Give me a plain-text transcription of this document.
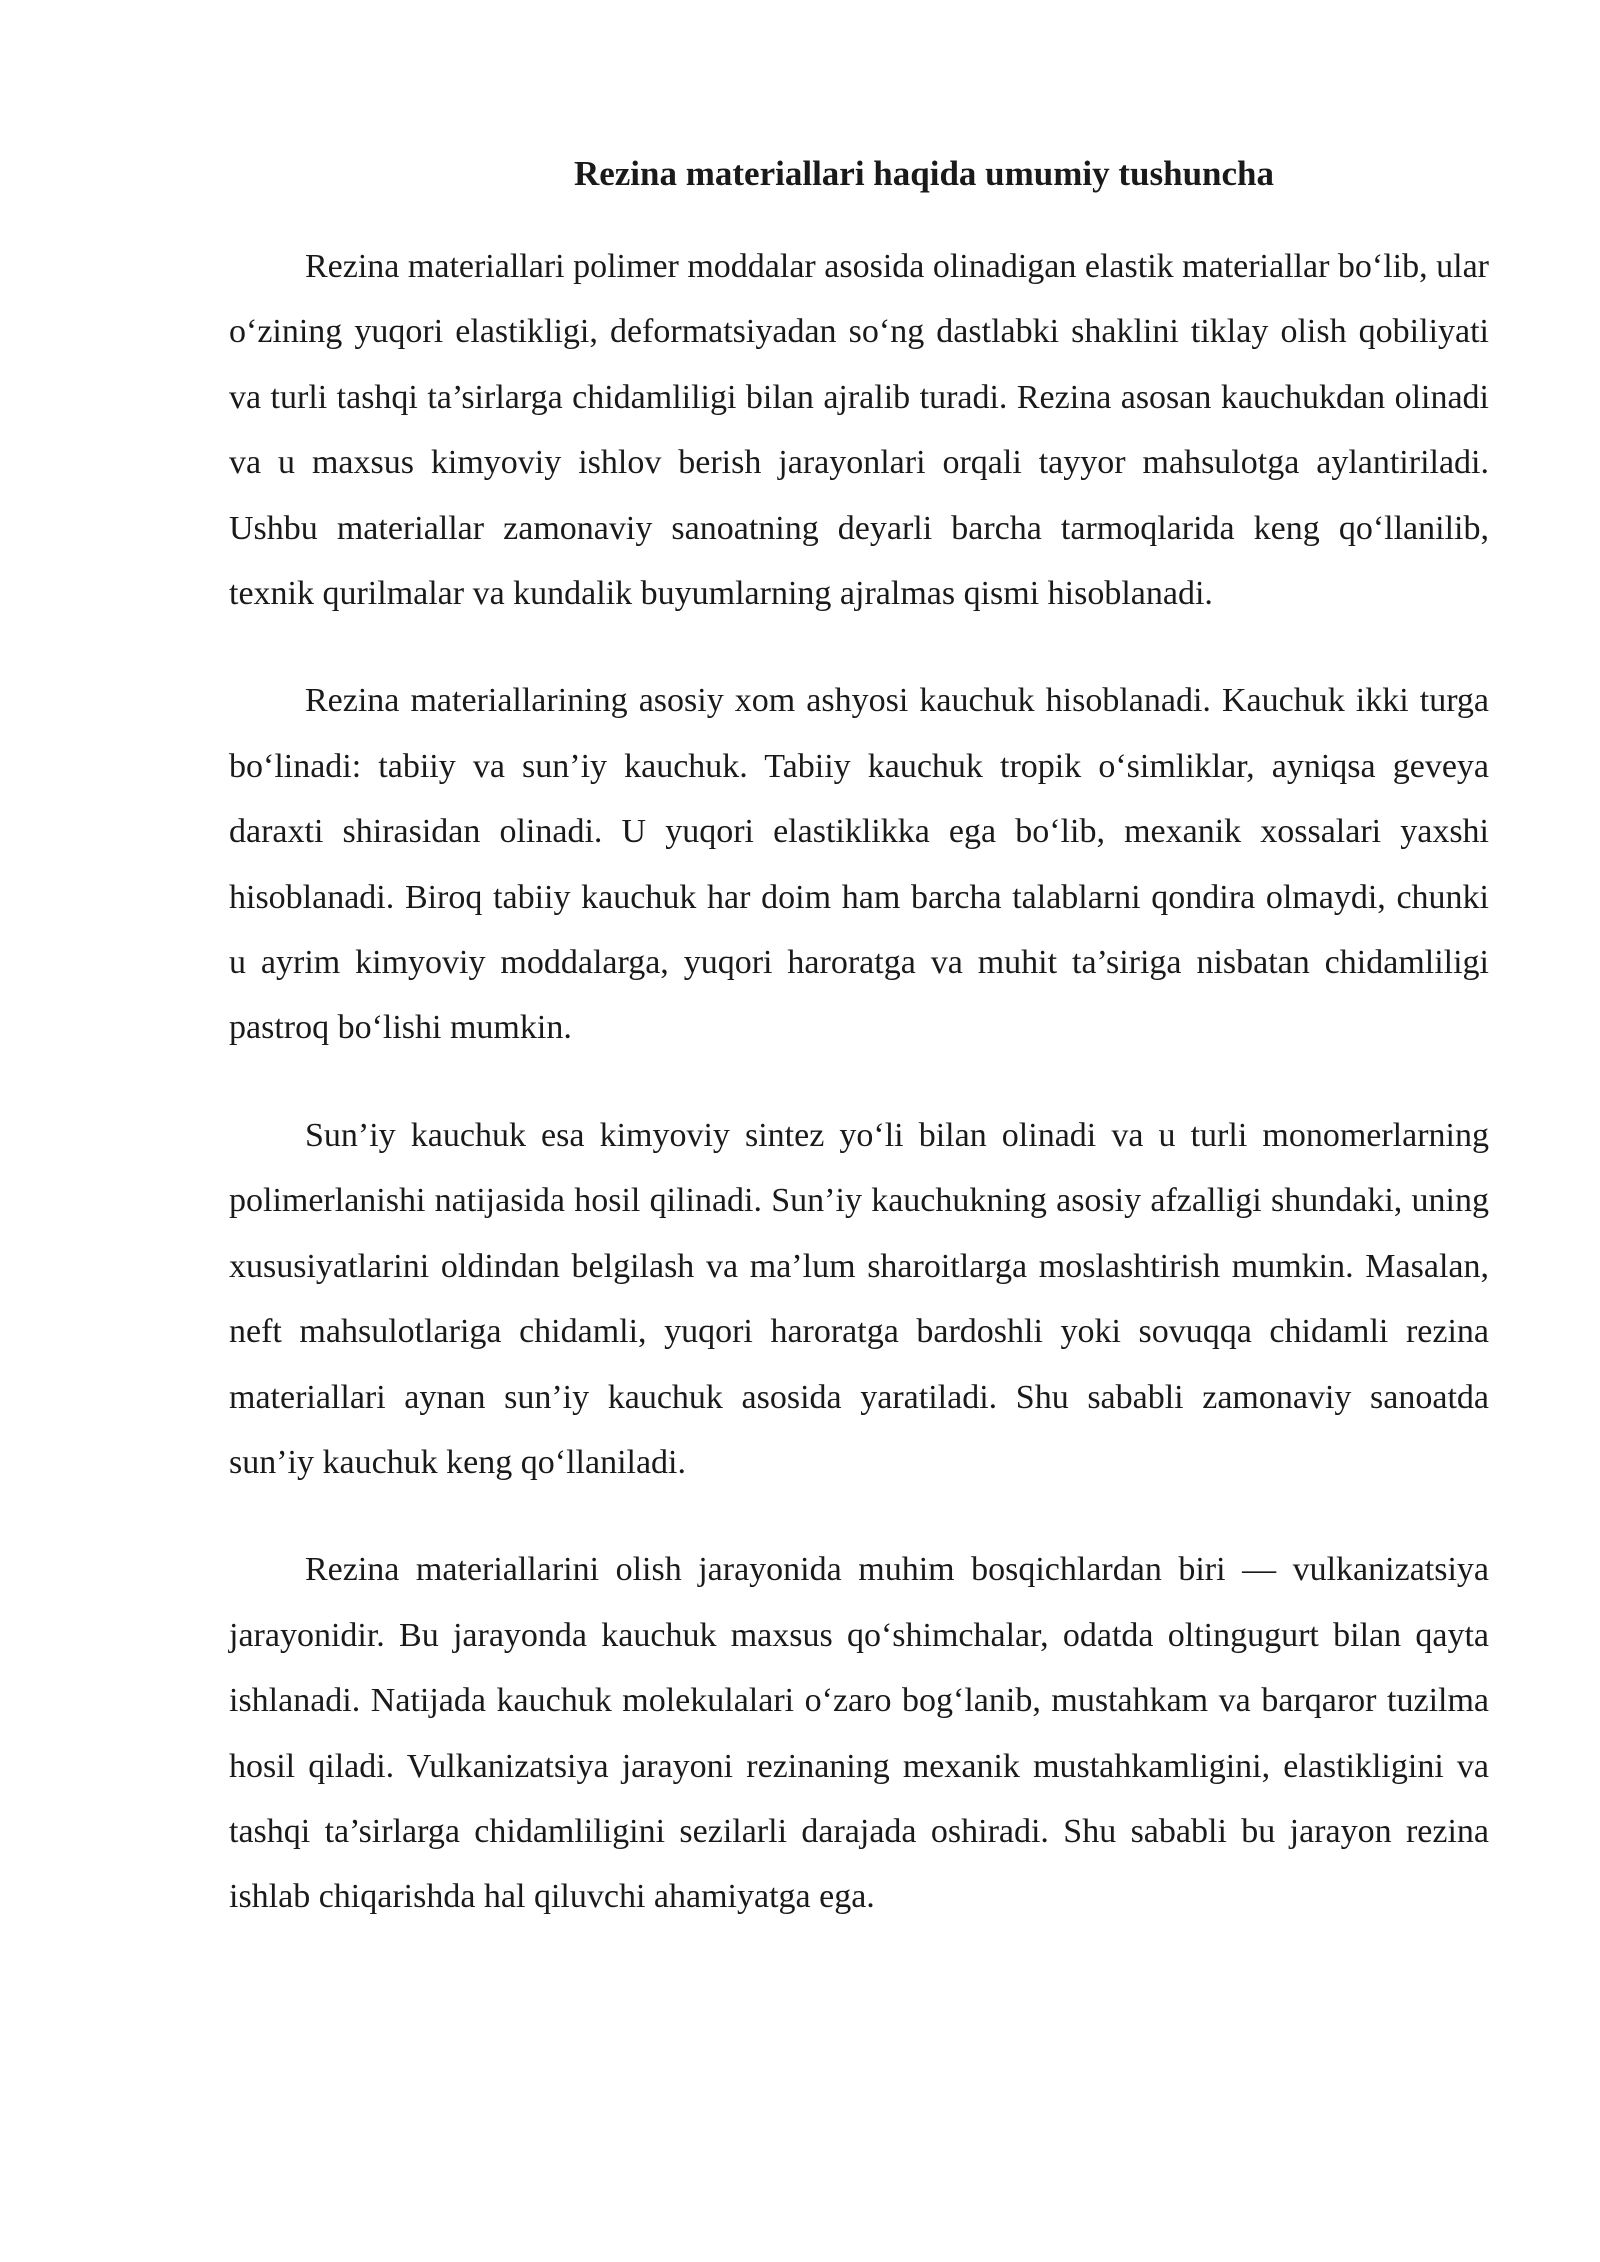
Rezina materiallari haqida umumiy tushuncha

Rezina materiallari polimer moddalar asosida olinadigan elastik materiallar bo‘lib, ular o‘zining yuqori elastikligi, deformatsiyadan so‘ng dastlabki shaklini tiklay olish qobiliyati va turli tashqi ta’sirlarga chidamliligi bilan ajralib turadi. Rezina asosan kauchukdan olinadi va u maxsus kimyoviy ishlov berish jarayonlari orqali tayyor mahsulotga aylantiriladi. Ushbu materiallar zamonaviy sanoatning deyarli barcha tarmoqlarida keng qo‘llanilib, texnik qurilmalar va kundalik buyumlarning ajralmas qismi hisoblanadi.

Rezina materiallarining asosiy xom ashyosi kauchuk hisoblanadi. Kauchuk ikki turga bo‘linadi: tabiiy va sun’iy kauchuk. Tabiiy kauchuk tropik o‘simliklar, ayniqsa geveya daraxti shirasidan olinadi. U yuqori elastiklikka ega bo‘lib, mexanik xossalari yaxshi hisoblanadi. Biroq tabiiy kauchuk har doim ham barcha talablarni qondira olmaydi, chunki u ayrim kimyoviy moddalarga, yuqori haroratga va muhit ta’siriga nisbatan chidamliligi pastroq bo‘lishi mumkin.

Sun’iy kauchuk esa kimyoviy sintez yo‘li bilan olinadi va u turli monomerlarning polimerlanishi natijasida hosil qilinadi. Sun’iy kauchukning asosiy afzalligi shundaki, uning xususiyatlarini oldindan belgilash va ma’lum sharoitlarga moslashtirish mumkin. Masalan, neft mahsulotlariga chidamli, yuqori haroratga bardoshli yoki sovuqqa chidamli rezina materiallari aynan sun’iy kauchuk asosida yaratiladi. Shu sababli zamonaviy sanoatda sun’iy kauchuk keng qo‘llaniladi.

Rezina materiallarini olish jarayonida muhim bosqichlardan biri — vulkanizatsiya jarayonidir. Bu jarayonda kauchuk maxsus qo‘shimchalar, odatda oltingugurt bilan qayta ishlanadi. Natijada kauchuk molekulalari o‘zaro bog‘lanib, mustahkam va barqaror tuzilma hosil qiladi. Vulkanizatsiya jarayoni rezinaning mexanik mustahkamligini, elastikligini va tashqi ta’sirlarga chidamliligini sezilarli darajada oshiradi. Shu sababli bu jarayon rezina ishlab chiqarishda hal qiluvchi ahamiyatga ega.
